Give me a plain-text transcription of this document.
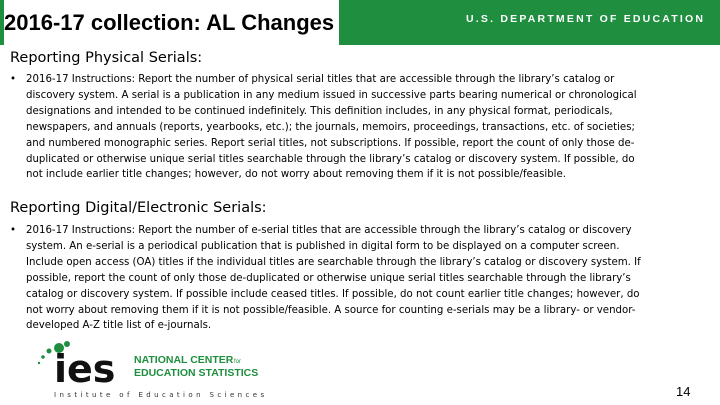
2016-17 collection: AL Changes	U.S. DEPARTMENT OF EDUCATION
Reporting Physical Serials:
• 2016-17 Instructions: Report the number of physical serial titles that are accessible through the library’s catalog or
discovery system. A serial is a publication in any medium issued in successive parts bearing numerical or chronological
designations and intended to be continued indefinitely. This definition includes, in any physical format, periodicals,
newspapers, and annuals (reports, yearbooks, etc.); the journals, memoirs, proceedings, transactions, etc. of societies;
and numbered monographic series. Report serial titles, not subscriptions. If possible, report the count of only those de-
duplicated or otherwise unique serial titles searchable through the library’s catalog or discovery system. If possible, do
not include earlier title changes; however, do not worry about removing them if it is not possible/feasible.
Reporting Digital/Electronic Serials:
• 2016-17 Instructions: Report the number of e-serial titles that are accessible through the library’s catalog or discovery
system. An e-serial is a periodical publication that is published in digital form to be displayed on a computer screen.
Include open access (OA) titles if the individual titles are searchable through the library’s catalog or discovery system. If
possible, report the count of only those de-duplicated or otherwise unique serial titles searchable through the library’s
catalog or discovery system. If possible include ceased titles. If possible, do not count earlier title changes; however, do
not worry about removing them if it is not possible/feasible. A source for counting e-serials may be a library- or vendor-
developed A-Z title list of e-journals.
ies NATIONAL CENTER for
EDUCATION STATISTICS
Institute of Education Sciences	14
